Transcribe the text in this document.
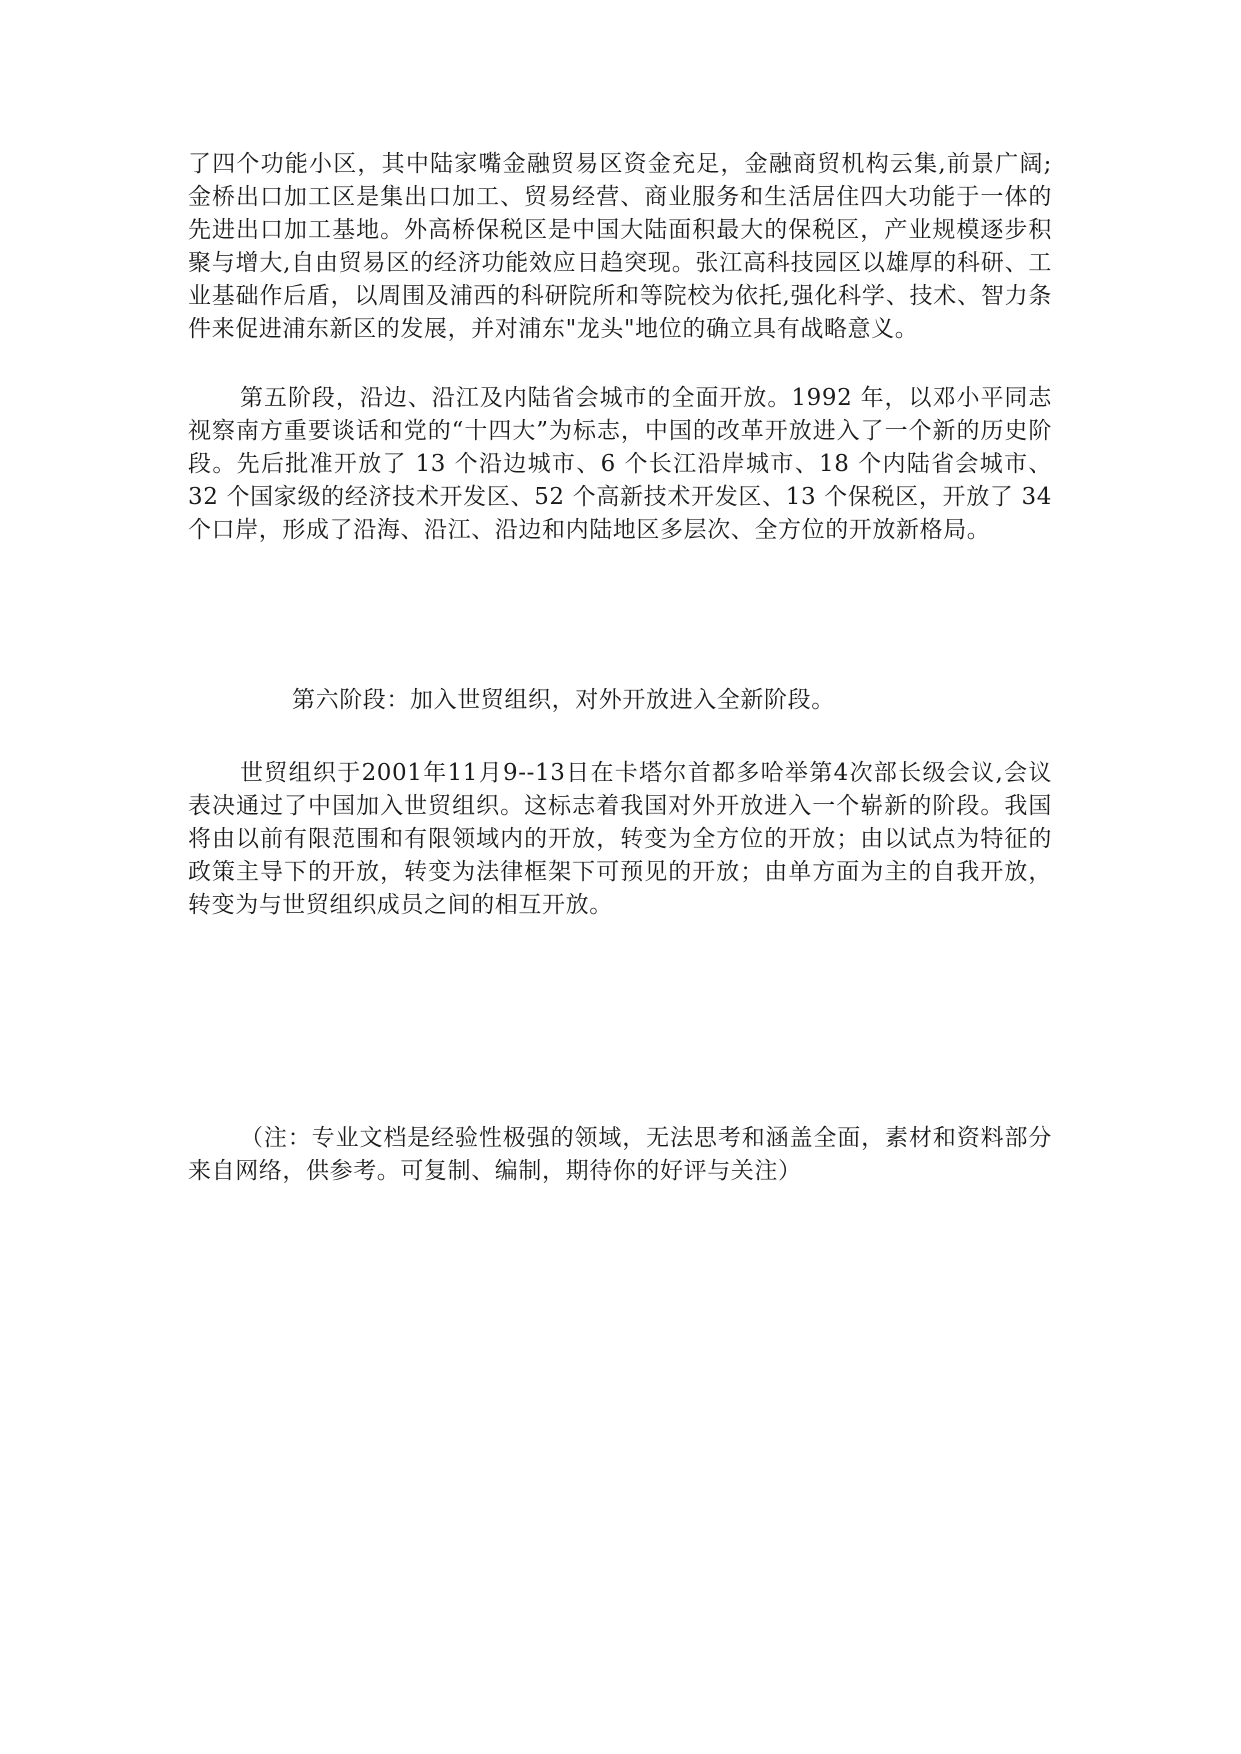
了四个功能小区，其中陆家嘴金融贸易区资金充足，金融商贸机构云集,前景广阔;金桥出口加工区是集出口加工、贸易经营、商业服务和生活居住四大功能于一体的先进出口加工基地。外高桥保税区是中国大陆面积最大的保税区，产业规模逐步积聚与增大,自由贸易区的经济功能效应日趋突现。张江高科技园区以雄厚的科研、工业基础作后盾，以周围及浦西的科研院所和等院校为依托,强化科学、技术、智力条件来促进浦东新区的发展，并对浦东"龙头"地位的确立具有战略意义。

第五阶段，沿边、沿江及内陆省会城市的全面开放。1992 年，以邓小平同志视察南方重要谈话和党的“十四大”为标志，中国的改革开放进入了一个新的历史阶段。先后批准开放了 13 个沿边城市、6 个长江沿岸城市、18 个内陆省会城市、32 个国家级的经济技术开发区、52 个高新技术开发区、13 个保税区，开放了 34 个口岸，形成了沿海、沿江、沿边和内陆地区多层次、全方位的开放新格局。

第六阶段：加入世贸组织，对外开放进入全新阶段。

世贸组织于2001年11月9--13日在卡塔尔首都多哈举第4次部长级会议,会议表决通过了中国加入世贸组织。这标志着我国对外开放进入一个崭新的阶段。我国将由以前有限范围和有限领域内的开放，转变为全方位的开放；由以试点为特征的政策主导下的开放，转变为法律框架下可预见的开放；由单方面为主的自我开放，转变为与世贸组织成员之间的相互开放。

（注：专业文档是经验性极强的领域，无法思考和涵盖全面，素材和资料部分来自网络，供参考。可复制、编制，期待你的好评与关注）
